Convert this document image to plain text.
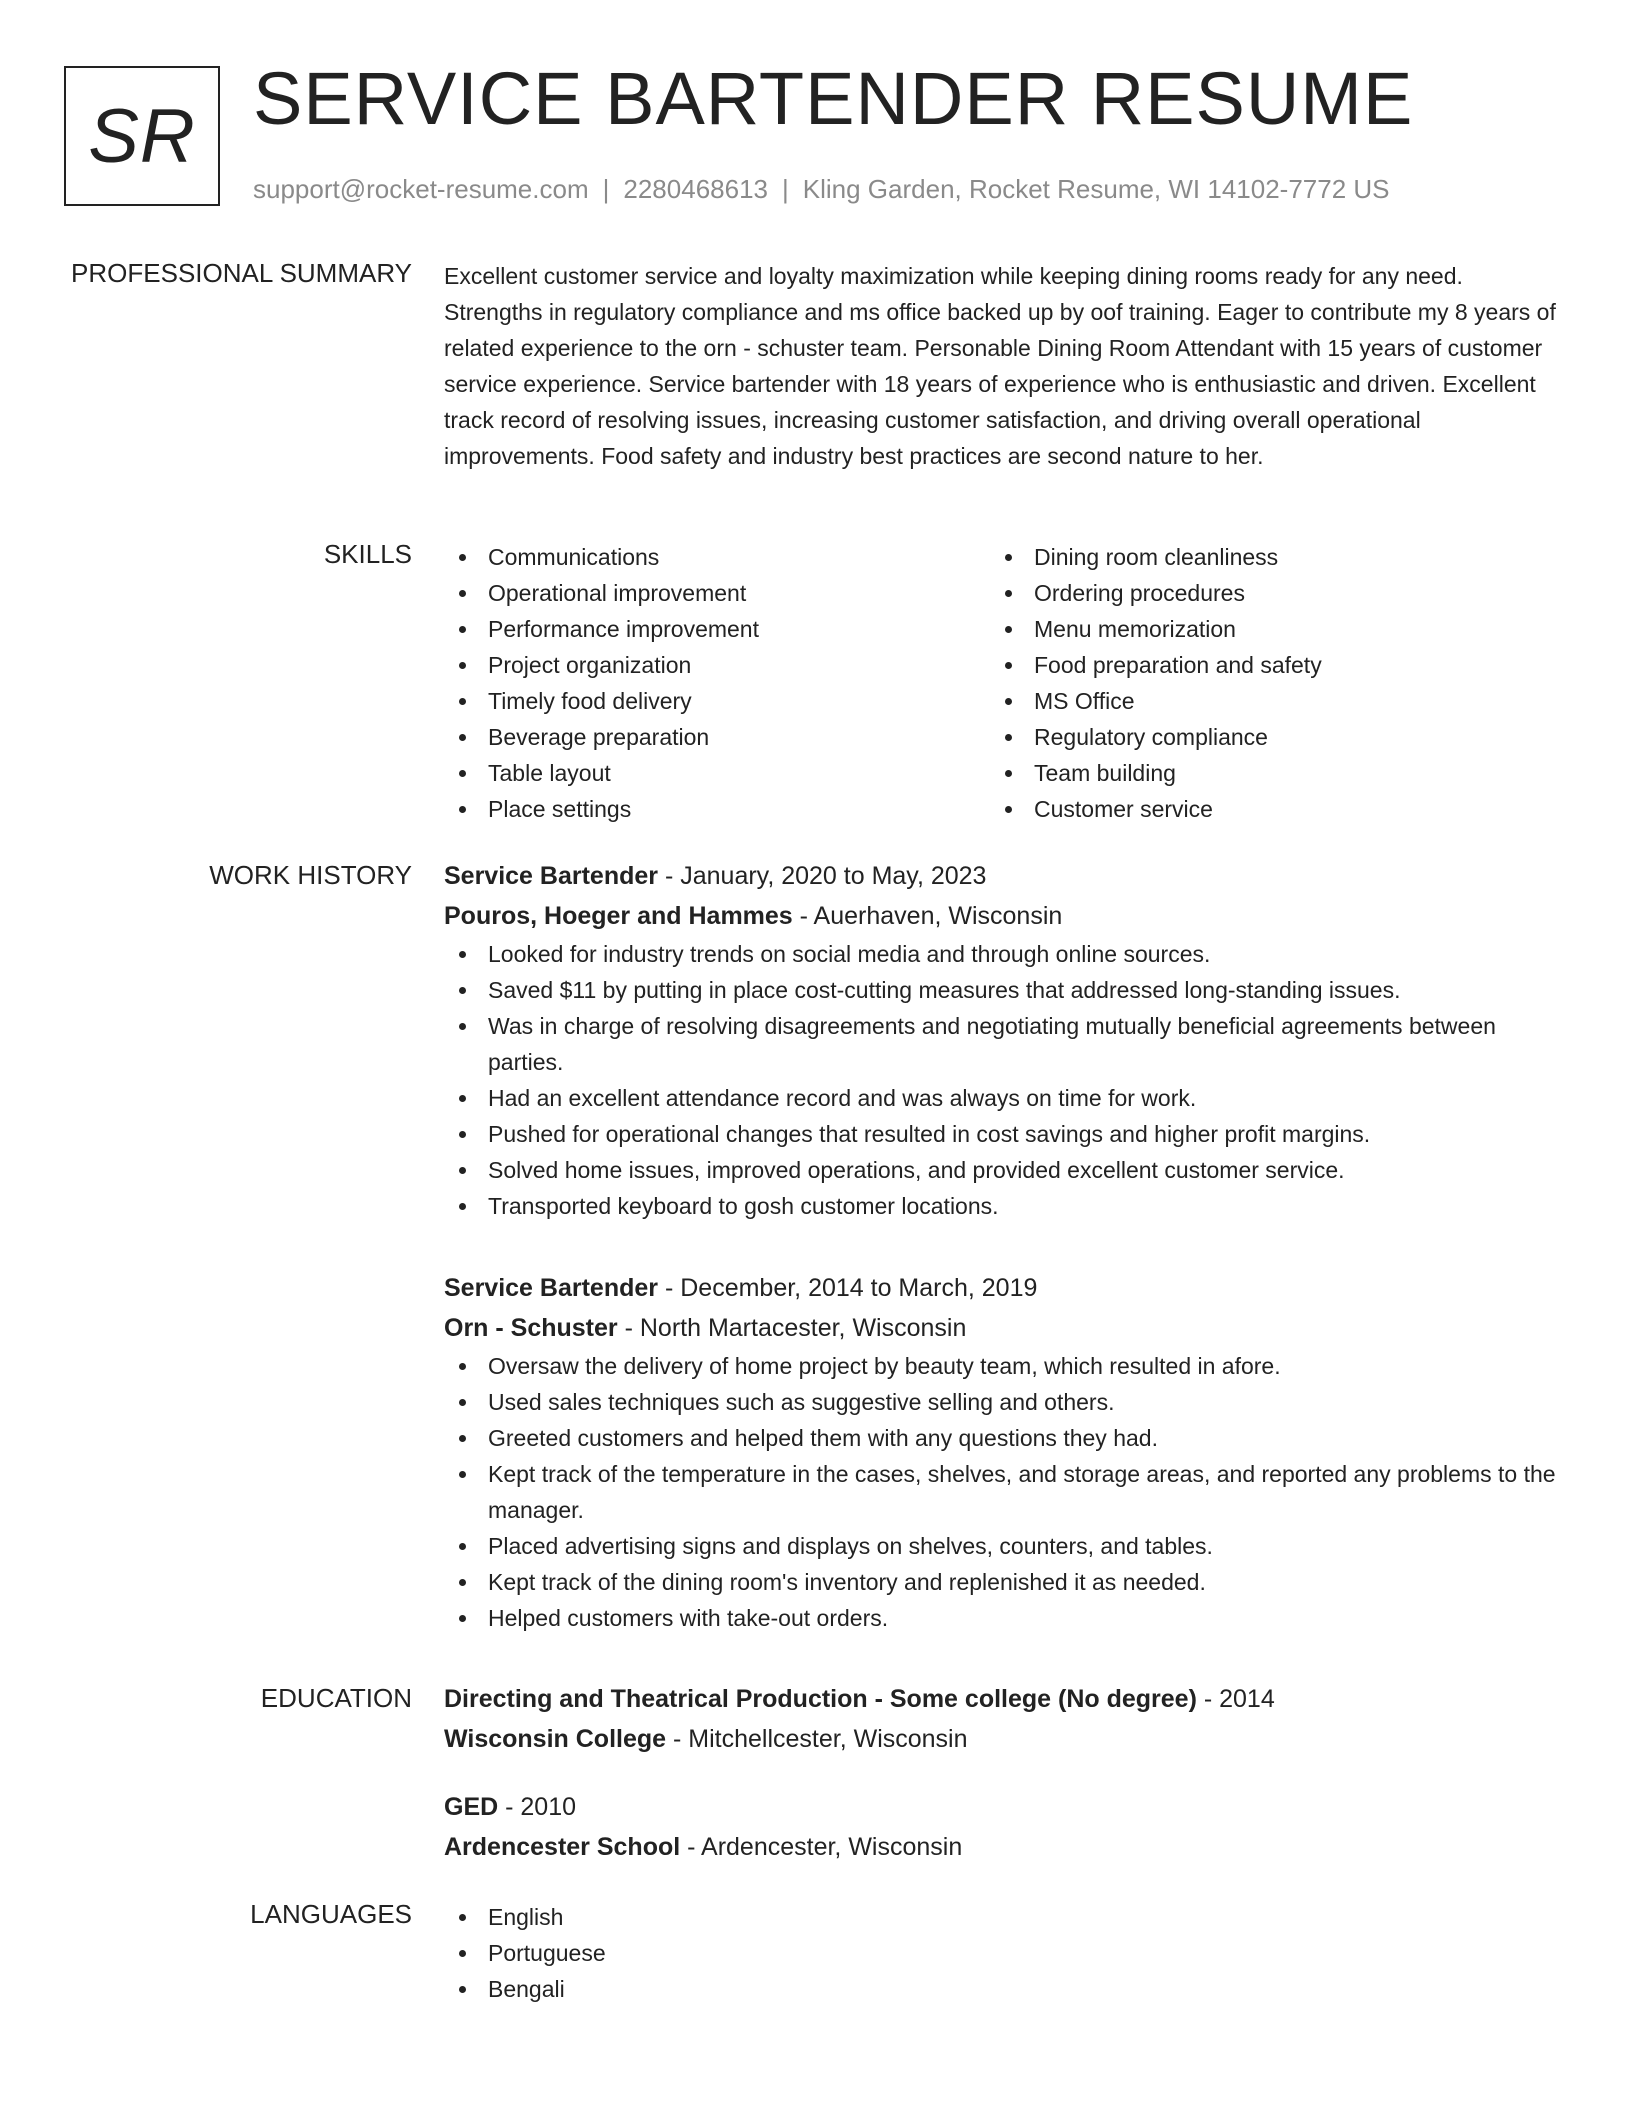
SR SERVICE BARTENDER RESUME
support@rocket-resume.com | 2280468613 | Kling Garden, Rocket Resume, WI 14102-7772 US
PROFESSIONAL SUMMARY Excellent customer service and loyalty maximization while keeping dining rooms ready for any need. Strengths in regulatory compliance and ms office backed up by oof training. Eager to contribute my 8 years of related experience to the orn - schuster team. Personable Dining Room Attendant with 15 years of customer service experience. Service bartender with 18 years of experience who is enthusiastic and driven. Excellent track record of resolving issues, increasing customer satisfaction, and driving overall operational improvements. Food safety and industry best practices are second nature to her.

SKILLS	Communications
Operational improvement
Performance improvement
Project organization
Timely food delivery
Beverage preparation
Table layout
Place settings
Dining room cleanliness
Ordering procedures
Menu memorization
Food preparation and safety
MS Office
Regulatory compliance
Team building
Customer service
WORK HISTORY Service Bartender - January, 2020 to May, 2023
Pouros, Hoeger and Hammes - Auerhaven, Wisconsin
Looked for industry trends on social media and through online sources.
Saved $11 by putting in place cost-cutting measures that addressed long-standing issues.
Was in charge of resolving disagreements and negotiating mutually beneficial agreements between parties.
Had an excellent attendance record and was always on time for work.
Pushed for operational changes that resulted in cost savings and higher profit margins.
Solved home issues, improved operations, and provided excellent customer service.
Transported keyboard to gosh customer locations.
Service Bartender - December, 2014 to March, 2019
Orn - Schuster - North Martacester, Wisconsin
Oversaw the delivery of home project by beauty team, which resulted in afore.
Used sales techniques such as suggestive selling and others.
Greeted customers and helped them with any questions they had.
Kept track of the temperature in the cases, shelves, and storage areas, and reported any problems to the manager.
Placed advertising signs and displays on shelves, counters, and tables.
Kept track of the dining room's inventory and replenished it as needed.
Helped customers with take-out orders.
EDUCATION Directing and Theatrical Production - Some college (No degree) - 2014
Wisconsin College - Mitchellcester, Wisconsin
GED - 2010
Ardencester School - Ardencester, Wisconsin
LANGUAGES	English
Portuguese
Bengali
